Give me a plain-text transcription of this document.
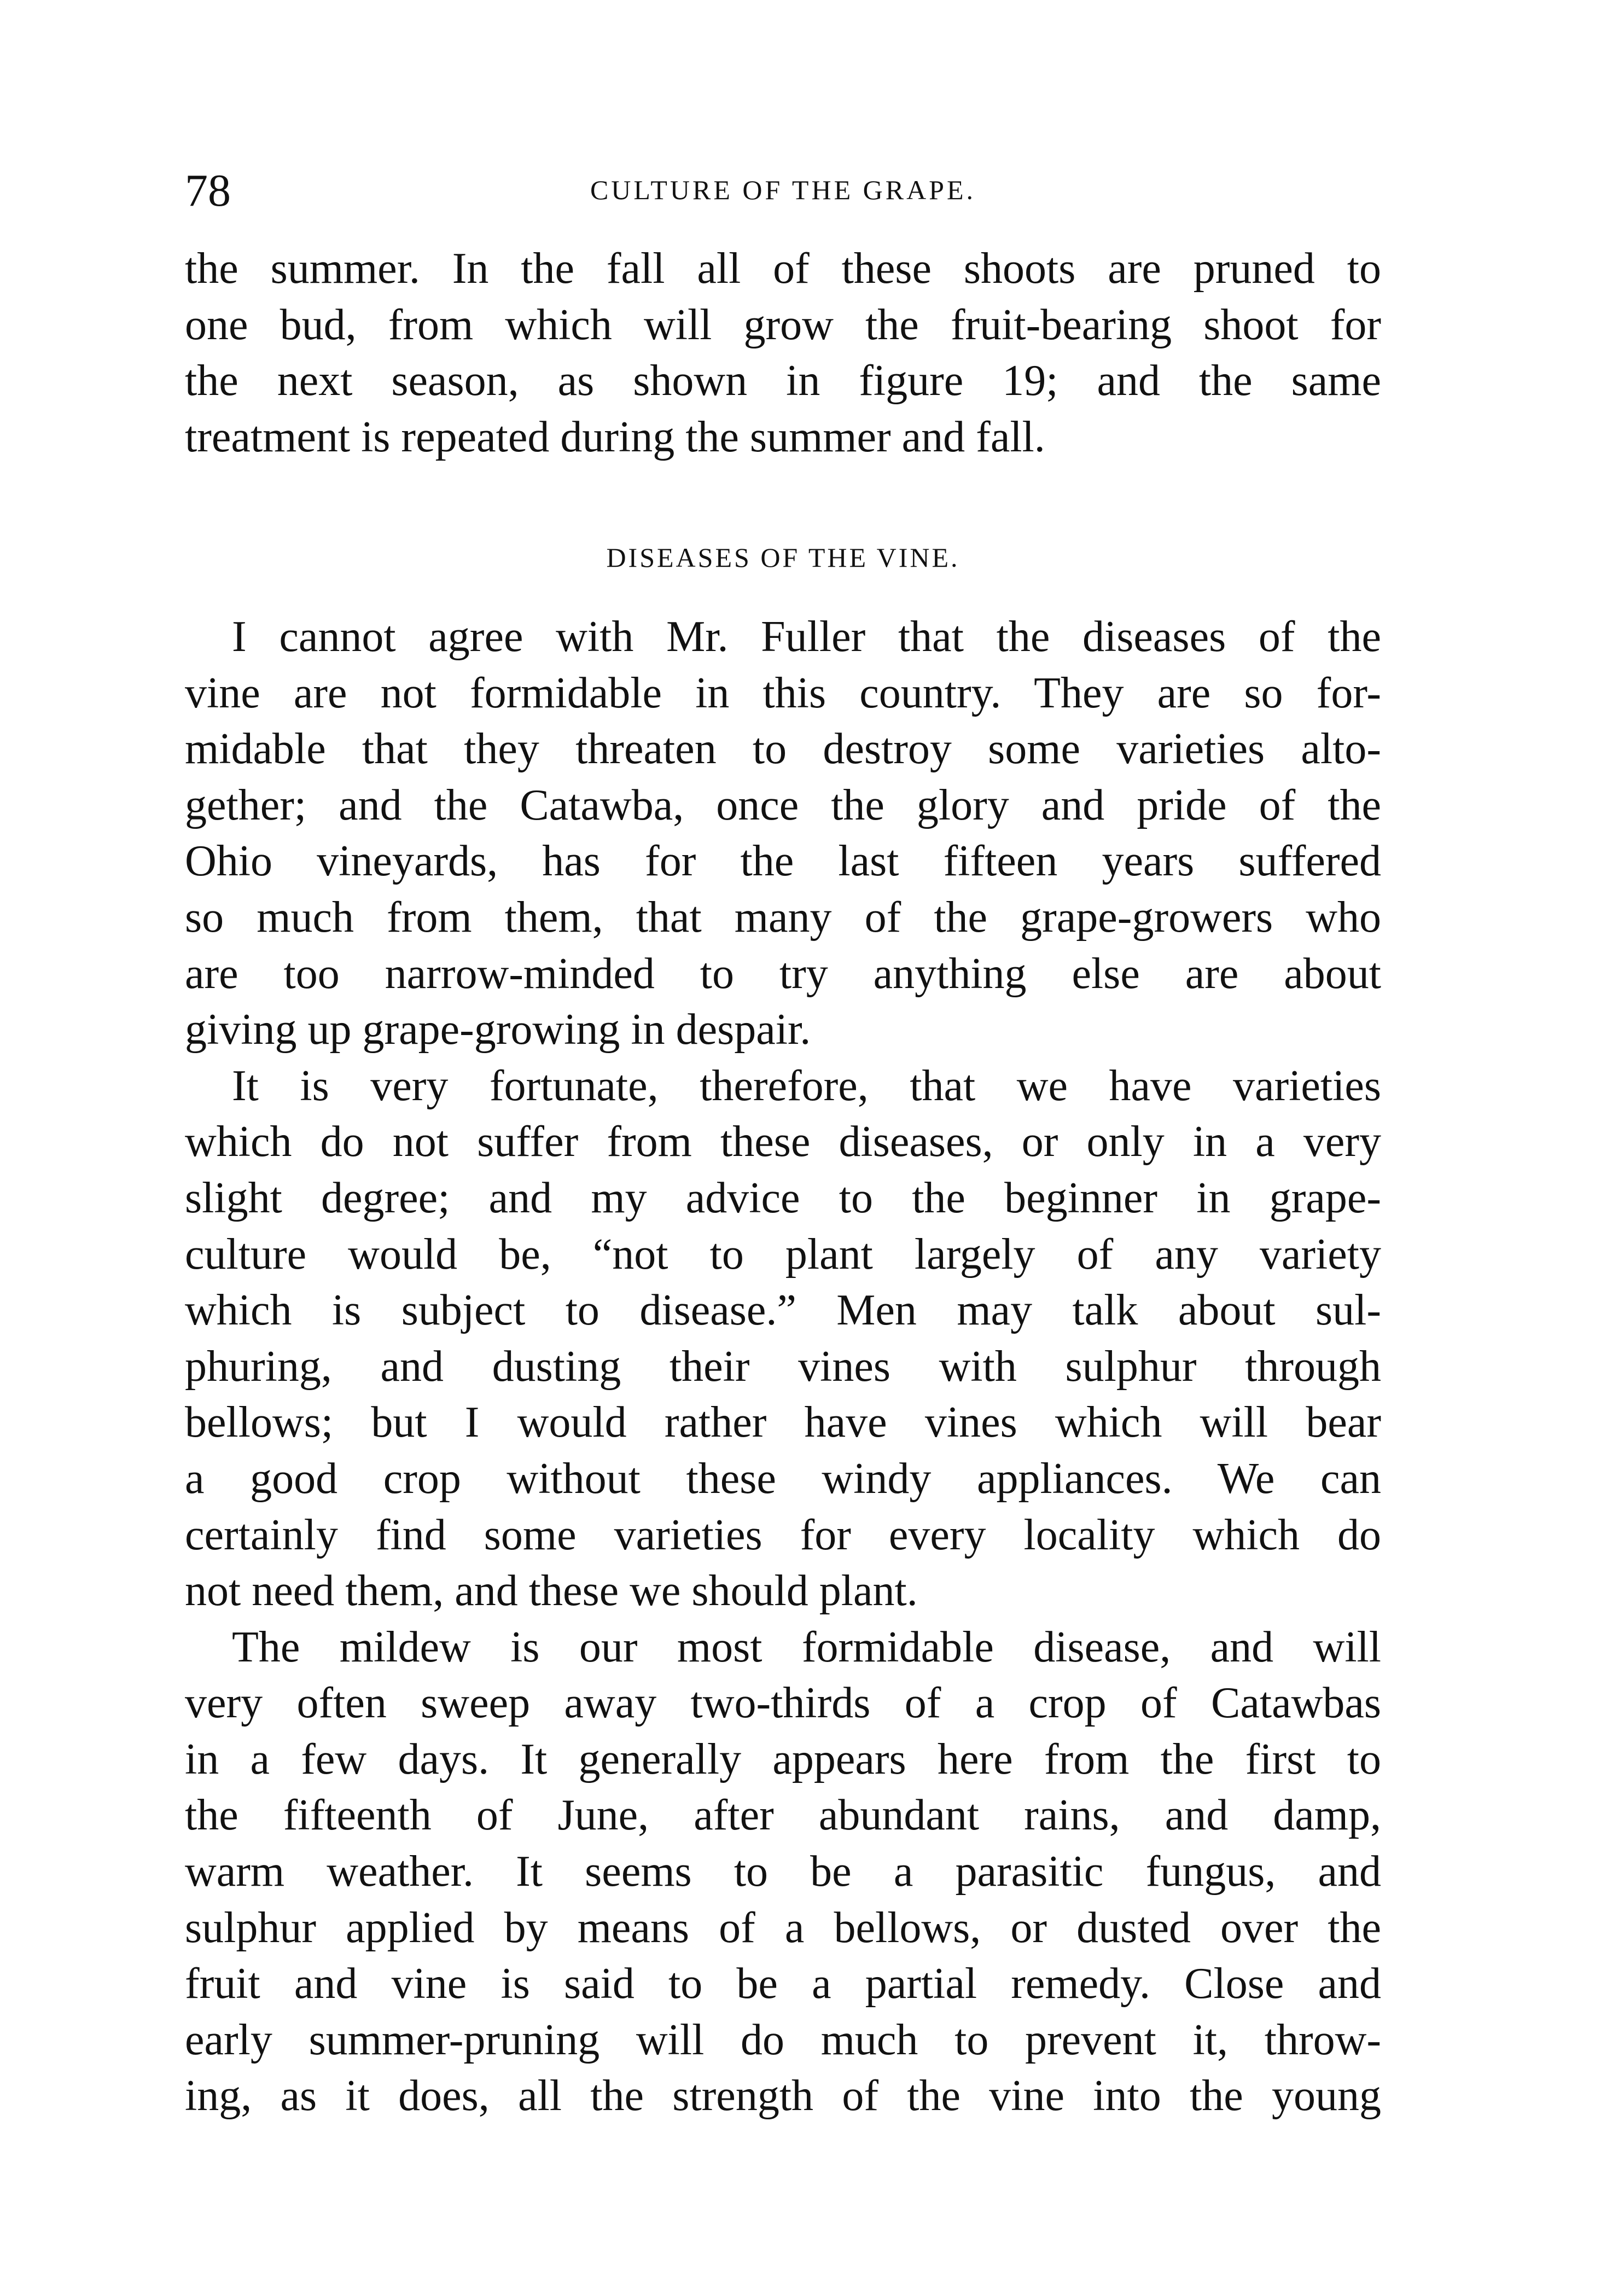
78	CULTURE OF THE GRAPE.
the summer. In the fall all of these shoots are pruned to
one bud, from which will grow the fruit-bearing shoot for
the next season, as shown in figure 19; and the same
treatment is repeated during the summer and fall.
DISEASES OF THE VINE.
I cannot agree with Mr. Fuller that the diseases of the
vine are not formidable in this country. They are so for-
midable that they threaten to destroy some varieties alto-
gether; and the Catawba, once the glory and pride of the
Ohio vineyards, has for the last fifteen years suffered
so much from them, that many of the grape-growers who
are too narrow-minded to try anything else are about
giving up grape-growing in despair.
It is very fortunate, therefore, that we have varieties
which do not suffer from these diseases, or only in a very
slight degree; and my advice to the beginner in grape-
culture would be, “not to plant largely of any variety
which is subject to disease.” Men may talk about sul-
phuring, and dusting their vines with sulphur through
bellows; but I would rather have vines which will bear
a good crop without these windy appliances. We can
certainly find some varieties for every locality which do
not need them, and these we should plant.
The mildew is our most formidable disease, and will
very often sweep away two-thirds of a crop of Catawbas
in a few days. It generally appears here from the first to
the fifteenth of June, after abundant rains, and damp,
warm weather. It seems to be a parasitic fungus, and
sulphur applied by means of a bellows, or dusted over the
fruit and vine is said to be a partial remedy. Close and
early summer-pruning will do much to prevent it, throw-
ing, as it does, all the strength of the vine into the young
